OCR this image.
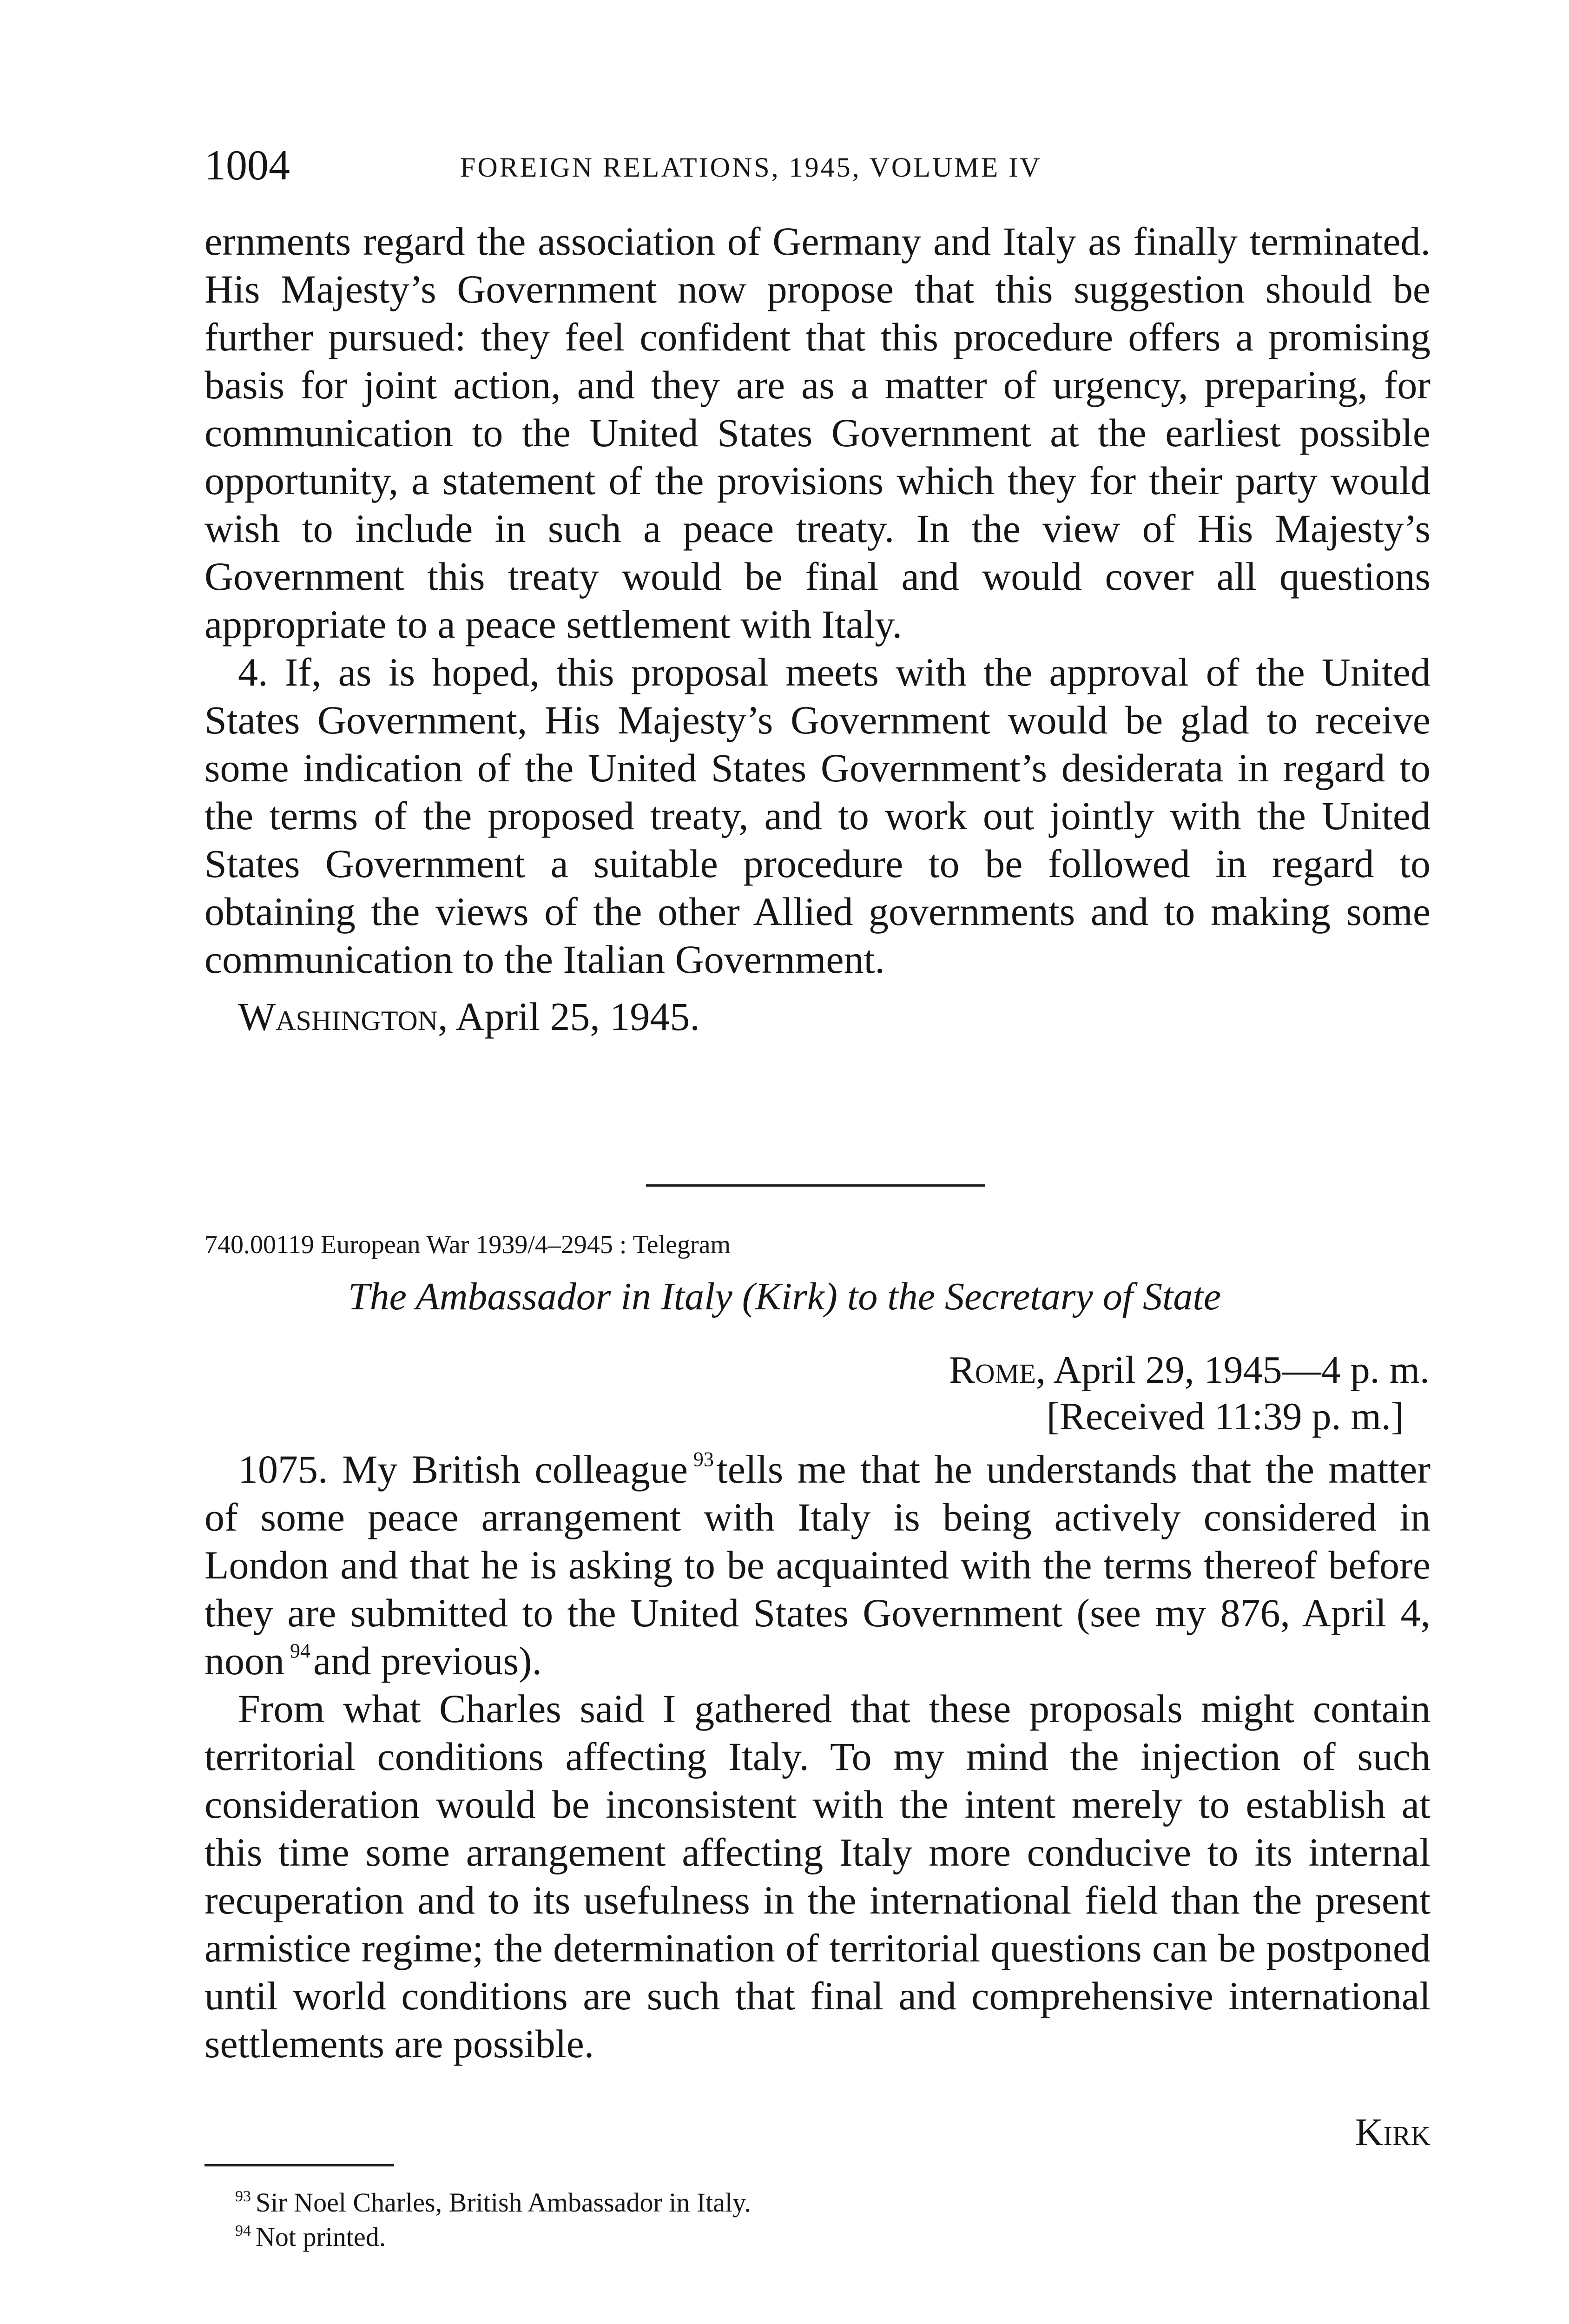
1004	FOREIGN RELATIONS, 1945, VOLUME IV

ernments regard the association of Germany and Italy as finally terminated. His Majesty’s Government now propose that this suggestion should be further pursued: they feel confident that this procedure offers a promising basis for joint action, and they are as a matter of urgency, preparing, for communication to the United States Government at the earliest possible opportunity, a statement of the provisions which they for their party would wish to include in such a peace treaty. In the view of His Majesty’s Government this treaty would be final and would cover all questions appropriate to a peace settlement with Italy.

4. If, as is hoped, this proposal meets with the approval of the United States Government, His Majesty’s Government would be glad to receive some indication of the United States Government’s desiderata in regard to the terms of the proposed treaty, and to work out jointly with the United States Government a suitable procedure to be followed in regard to obtaining the views of the other Allied governments and to making some communication to the Italian Government.

Washington, April 25, 1945.

740.00119 European War 1939/4–2945 : Telegram
The Ambassador in Italy (Kirk) to the Secretary of State
Rome, April 29, 1945—4 p. m.
[Received 11:39 p. m.]

1075. My British colleague $^{93}$tells me that he understands that the matter of some peace arrangement with Italy is being actively considered in London and that he is asking to be acquainted with the terms thereof before they are submitted to the United States Government (see my 876, April 4, noon $^{94}$and previous).

From what Charles said I gathered that these proposals might contain territorial conditions affecting Italy. To my mind the injection of such consideration would be inconsistent with the intent merely to establish at this time some arrangement affecting Italy more conducive to its internal recuperation and to its usefulness in the international field than the present armistice regime; the determination of territorial questions can be postponed until world conditions are such that final and comprehensive international settlements are possible.

Kirk

$^{93}$ Sir Noel Charles, British Ambassador in Italy.

$^{94}$ Not printed.
